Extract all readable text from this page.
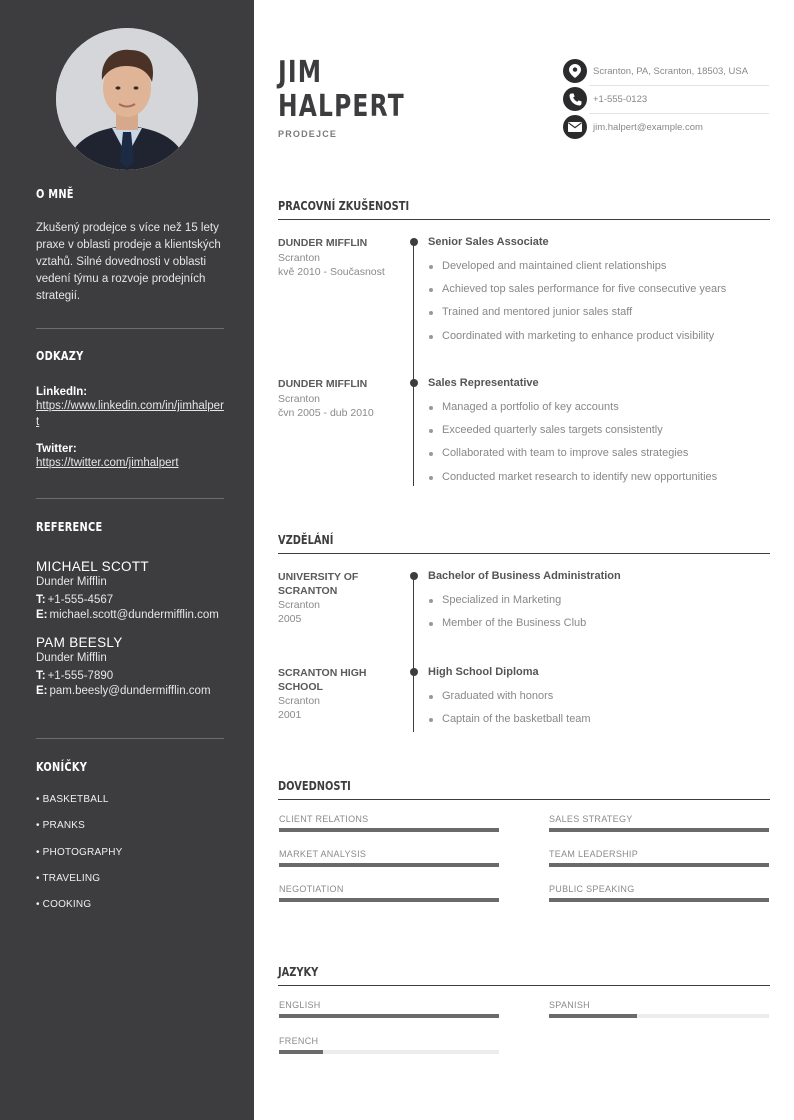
O MNĚ
Zkušený prodejce s více než 15 lety praxe v oblasti prodeje a klientských vztahů. Silné dovednosti v oblasti vedení týmu a rozvoje prodejních strategií.
ODKAZY
LinkedIn:
https://www.linkedin.com/in/jimhalpert
Twitter:
https://twitter.com/jimhalpert
REFERENCE
MICHAEL SCOTT
Dunder Mifflin
T: +1-555-4567
E: michael.scott@dundermifflin.com
PAM BEESLY
Dunder Mifflin
T: +1-555-7890
E: pam.beesly@dundermifflin.com
KONÍČKY
• BASKETBALL
• PRANKS
• PHOTOGRAPHY
• TRAVELING
• COOKING
JIM
HALPERT
PRODEJCE
Scranton, PA, Scranton, 18503, USA
+1-555-0123
jim.halpert@example.com
PRACOVNÍ ZKUŠENOSTI
DUNDER MIFFLIN
Scranton
kvě 2010 - Současnost
Senior Sales Associate
Developed and maintained client relationships
Achieved top sales performance for five consecutive years
Trained and mentored junior sales staff
Coordinated with marketing to enhance product visibility
DUNDER MIFFLIN
Scranton
čvn 2005 - dub 2010
Sales Representative
Managed a portfolio of key accounts
Exceeded quarterly sales targets consistently
Collaborated with team to improve sales strategies
Conducted market research to identify new opportunities
VZDĚLÁNÍ
UNIVERSITY OF SCRANTON
Scranton
2005
Bachelor of Business Administration
Specialized in Marketing
Member of the Business Club
SCRANTON HIGH SCHOOL
Scranton
2001
High School Diploma
Graduated with honors
Captain of the basketball team
DOVEDNOSTI
CLIENT RELATIONS	SALES STRATEGY
MARKET ANALYSIS	TEAM LEADERSHIP
NEGOTIATION	PUBLIC SPEAKING
JAZYKY
ENGLISH	SPANISH
FRENCH
